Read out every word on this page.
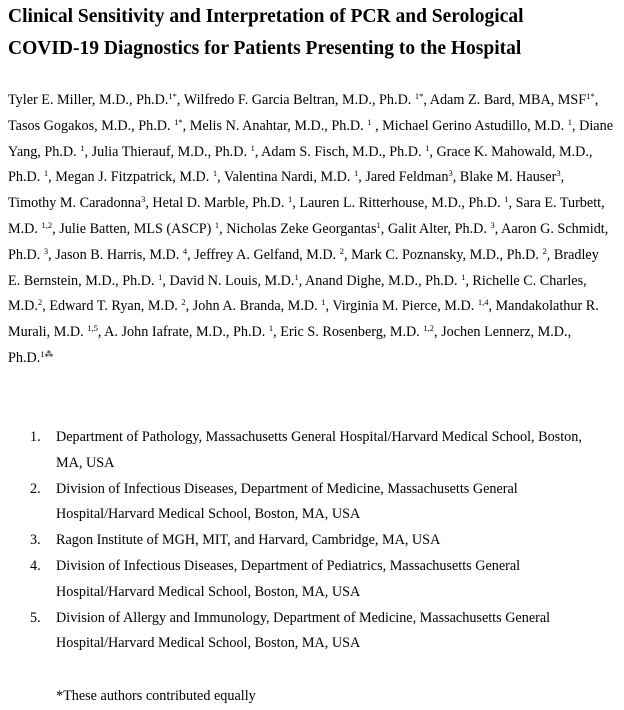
Clinical Sensitivity and Interpretation of PCR and Serological
COVID-19 Diagnostics for Patients Presenting to the Hospital

Tyler E. Miller, M.D., Ph.D.$^{1*}$, Wilfredo F. Garcia Beltran, M.D., Ph.D. $^{1*}$, Adam Z. Bard, MBA, $MSF^{1*}$, Tasos Gogakos, M.D., Ph.D. $^{1*}$, Melis N. Anahtar, M.D., Ph.D. $^1$ , Michael Gerino Astudillo, M.D. $^1$, Diane Yang, Ph.D. $^1$, Julia Thierauf, M.D., Ph.D. $^1$, Adam S. Fisch, M.D., Ph.D. $^1$, Grace K. Mahowald, M.D., Ph.D. $^1$, Megan J. Fitzpatrick, M.D. $^1$, Valentina Nardi, M.D. $^1$, Jared Feldman$^3$, Blake M. Hauser$^3$, Timothy M. Caradonna$^3$, Hetal D. Marble, Ph.D. $^1$, Lauren L. Ritterhouse, M.D., Ph.D. $^1$, Sara E. Turbett, M.D. $^{1,2}$, Julie Batten, MLS (ASCP) $^1$, Nicholas Zeke Georgantas$^1$, Galit Alter, Ph.D. $^3$, Aaron G. Schmidt, Ph.D. $^3$, Jason B. Harris, M.D. $^4$, Jeffrey A. Gelfand, M.D. $^2$, Mark C. Poznansky, M.D., Ph.D. $^2$, Bradley E. Bernstein, M.D., Ph.D. $^1$, David N. Louis, M.D.$^1$, Anand Dighe, M.D., Ph.D. $^1$, Richelle C. Charles, M.D.$^2$, Edward T. Ryan, M.D. $^2$, John A. Branda, M.D. $^1$, Virginia M. Pierce, M.D. $^{1,4}$, Mandakolathur R. Murali, M.D. $^{1,5}$, A. John Iafrate, M.D., Ph.D. $^1$, Eric S. Rosenberg, M.D. $^{1,2}$, Jochen Lennerz, M.D., Ph.D.$^{1⁂}$

1. Department of Pathology, Massachusetts General Hospital/Harvard Medical School, Boston, MA, USA
2. Division of Infectious Diseases, Department of Medicine, Massachusetts General Hospital/Harvard Medical School, Boston, MA, USA
3. Ragon Institute of MGH, MIT, and Harvard, Cambridge, MA, USA
4. Division of Infectious Diseases, Department of Pediatrics, Massachusetts General Hospital/Harvard Medical School, Boston, MA, USA
5. Division of Allergy and Immunology, Department of Medicine, Massachusetts General Hospital/Harvard Medical School, Boston, MA, USA

*These authors contributed equally
